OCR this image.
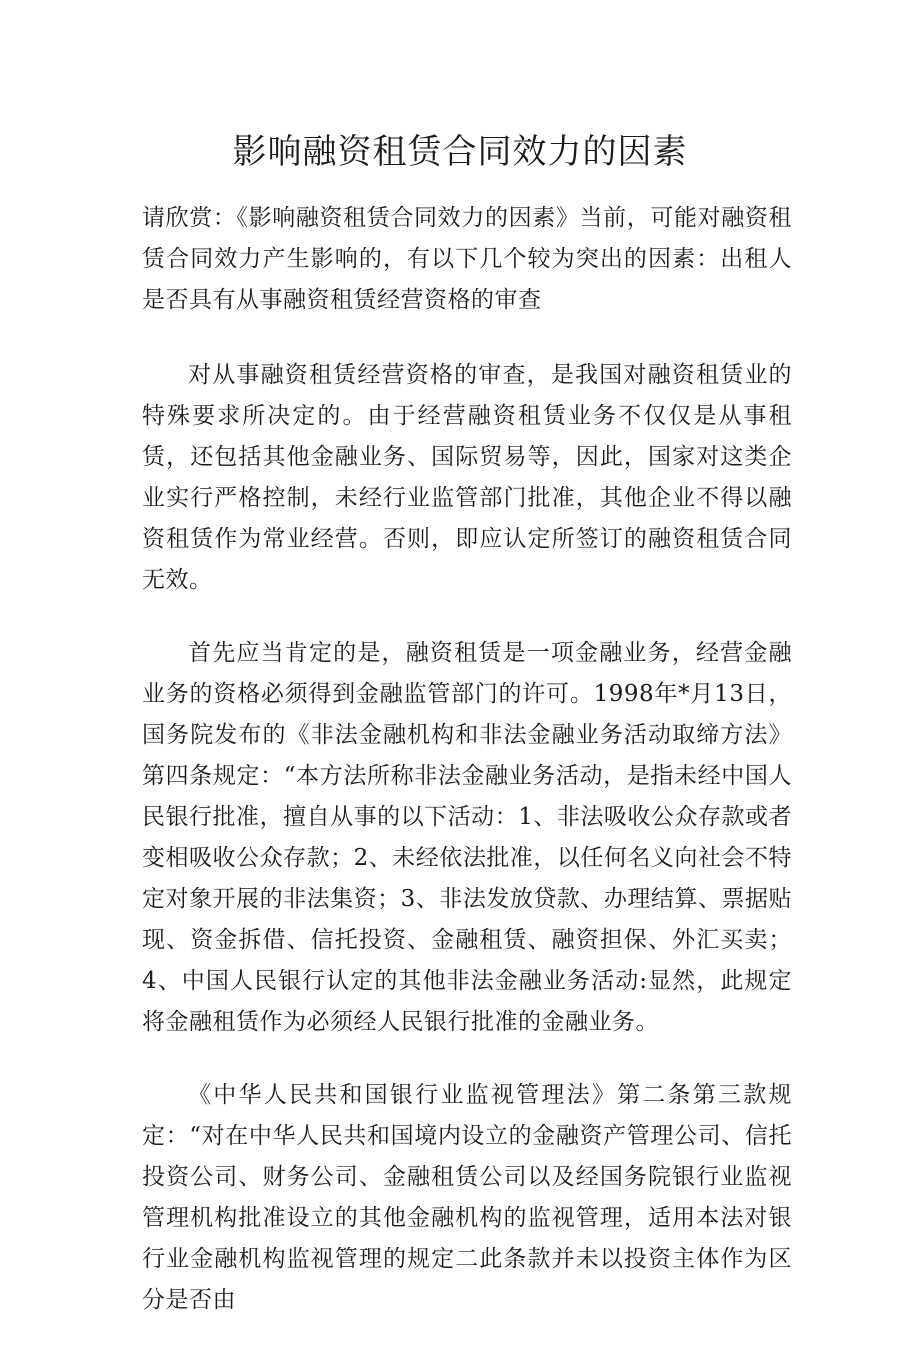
影响融资租赁合同效力的因素

请欣赏：《影响融资租赁合同效力的因素》当前，可能对融资租赁合同效力产生影响的，有以下几个较为突出的因素：出租人是否具有从事融资租赁经营资格的审查

对从事融资租赁经营资格的审查，是我国对融资租赁业的特殊要求所决定的。由于经营融资租赁业务不仅仅是从事租赁，还包括其他金融业务、国际贸易等，因此，国家对这类企业实行严格控制，未经行业监管部门批准，其他企业不得以融资租赁作为常业经营。否则，即应认定所签订的融资租赁合同无效。

首先应当肯定的是，融资租赁是一项金融业务，经营金融业务的资格必须得到金融监管部门的许可。1998年*月13日，国务院发布的《非法金融机构和非法金融业务活动取缔方法》第四条规定：“本方法所称非法金融业务活动，是指未经中国人民银行批准，擅自从事的以下活动：1、非法吸收公众存款或者变相吸收公众存款；2、未经依法批准，以任何名义向社会不特定对象开展的非法集资；3、非法发放贷款、办理结算、票据贴现、资金拆借、信托投资、金融租赁、融资担保、外汇买卖；4、中国人民银行认定的其他非法金融业务活动:显然，此规定将金融租赁作为必须经人民银行批准的金融业务。

《中华人民共和国银行业监视管理法》第二条第三款规定：“对在中华人民共和国境内设立的金融资产管理公司、信托投资公司、财务公司、金融租赁公司以及经国务院银行业监视管理机构批准设立的其他金融机构的监视管理，适用本法对银行业金融机构监视管理的规定二此条款并未以投资主体作为区分是否由
